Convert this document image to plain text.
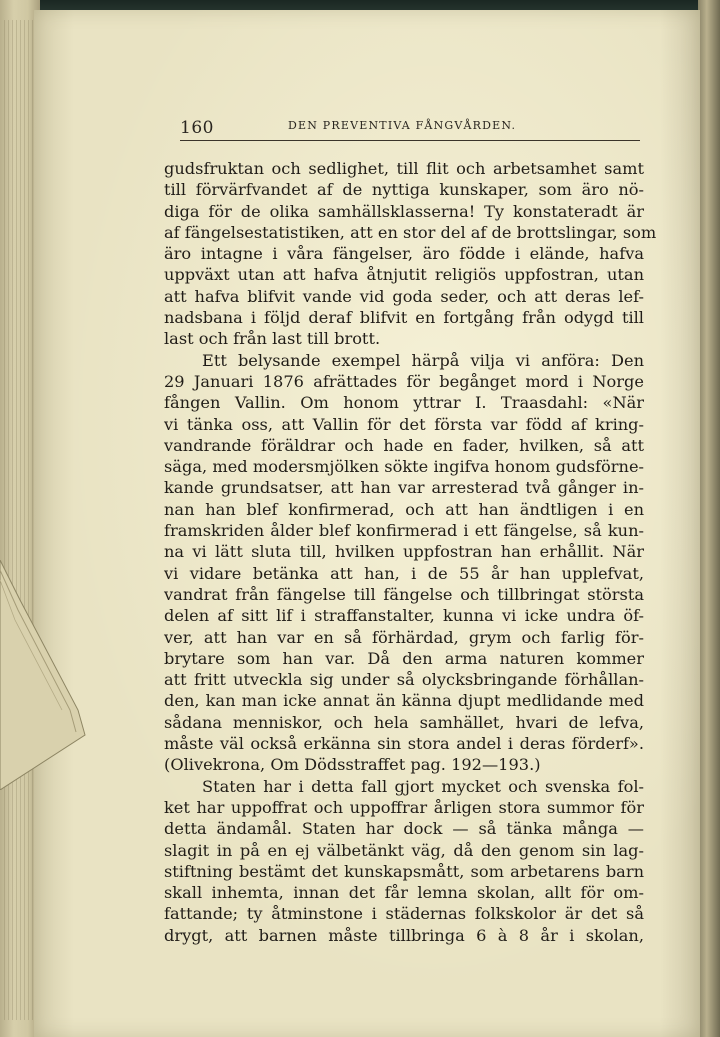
160	DEN PREVENTIVA FÅNGVÅRDEN.
gudsfruktan och sedlighet, till flit och arbetsamhet samt
till förvärfvandet af de nyttiga kunskaper, som äro nö-
diga för de olika samhällsklasserna! Ty konstateradt är
af fängelsestatistiken, att en stor del af de brottslingar, som
äro intagne i våra fängelser, äro födde i elände, hafva
uppväxt utan att hafva åtnjutit religiös uppfostran, utan
att hafva blifvit vande vid goda seder, och att deras lef-
nadsbana i följd deraf blifvit en fortgång från odygd till
last och från last till brott.
Ett belysande exempel härpå vilja vi anföra: Den
29 Januari 1876 afrättades för begånget mord i Norge
fången Vallin. Om honom yttrar I. Traasdahl: «När
vi tänka oss, att Vallin för det första var född af kring-
vandrande föräldrar och hade en fader, hvilken, så att
säga, med modersmjölken sökte ingifva honom gudsförne-
kande grundsatser, att han var arresterad två gånger in-
nan han blef konfirmerad, och att han ändtligen i en
framskriden ålder blef konfirmerad i ett fängelse, så kun-
na vi lätt sluta till, hvilken uppfostran han erhållit. När
vi vidare betänka att han, i de 55 år han upplefvat,
vandrat från fängelse till fängelse och tillbringat största
delen af sitt lif i straffanstalter, kunna vi icke undra öf-
ver, att han var en så förhärdad, grym och farlig för-
brytare som han var. Då den arma naturen kommer
att fritt utveckla sig under så olycksbringande förhållan-
den, kan man icke annat än känna djupt medlidande med
sådana menniskor, och hela samhället, hvari de lefva,
måste väl också erkänna sin stora andel i deras förderf».
(Olivekrona, Om Dödsstraffet pag. 192—193.)
Staten har i detta fall gjort mycket och svenska fol-
ket har uppoffrat och uppoffrar årligen stora summor för
detta ändamål. Staten har dock — så tänka många —
slagit in på en ej välbetänkt väg, då den genom sin lag-
stiftning bestämt det kunskapsmått, som arbetarens barn
skall inhemta, innan det får lemna skolan, allt för om-
fattande; ty åtminstone i städernas folkskolor är det så
drygt, att barnen måste tillbringa 6 à 8 år i skolan,
